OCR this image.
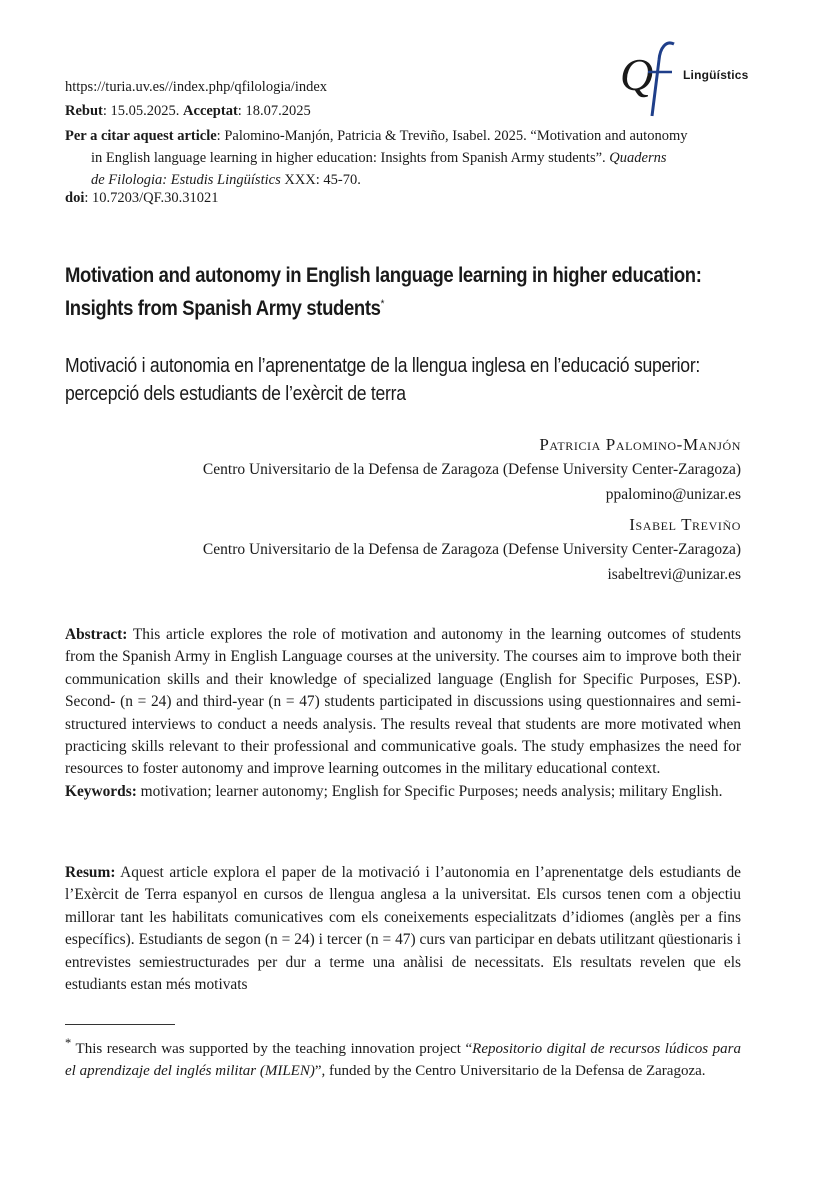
Q Lingüístics
https://turia.uv.es//index.php/qfilologia/index
Rebut: 15.05.2025. Acceptat: 18.07.2025
Per a citar aquest article: Palomino-Manjón, Patricia & Treviño, Isabel. 2025. “Motivation and autonomy
in English language learning in higher education: Insights from Spanish Army students”. Quaderns
de Filologia: Estudis Lingüístics XXX: 45-70.
doi: 10.7203/QF.30.31021
Motivation and autonomy in English language learning in higher education:
Insights from Spanish Army students*
Motivació i autonomia en l’aprenentatge de la llengua inglesa en l’educació superior:
percepció dels estudiants de l’exèrcit de terra
Patricia Palomino-Manjón
Centro Universitario de la Defensa de Zaragoza (Defense University Center-Zaragoza)
ppalomino@unizar.es
Isabel Treviño
Centro Universitario de la Defensa de Zaragoza (Defense University Center-Zaragoza)
isabeltrevi@unizar.es
Abstract: This article explores the role of motivation and autonomy in the learning outcomes of students from the Spanish Army in English Language courses at the university. The courses aim to improve both their communication skills and their knowledge of specialized language (English for Specific Purposes, ESP). Second- (n = 24) and third-year (n = 47) students participated in discussions using questionnaires and semi-structured interviews to conduct a needs analysis. The results reveal that students are more motivated when practicing skills relevant to their professional and communicative goals. The study emphasizes the need for resources to foster autonomy and improve learning outcomes in the military educational context.
Keywords: motivation; learner autonomy; English for Specific Purposes; needs analysis; military English.
Resum: Aquest article explora el paper de la motivació i l’autonomia en l’aprenentatge dels estudiants de l’Exèrcit de Terra espanyol en cursos de llengua anglesa a la universitat. Els cursos tenen com a objectiu millorar tant les habilitats comunicatives com els coneixements especialitzats d’idiomes (anglès per a fins específics). Estudiants de segon (n = 24) i tercer (n = 47) curs van participar en debats utilitzant qüestionaris i entrevistes semiestructurades per dur a terme una anàlisi de necessitats. Els resultats revelen que els estudiants estan més motivats
* This research was supported by the teaching innovation project “Repositorio digital de recursos lúdicos para el aprendizaje del inglés militar (MILEN)”, funded by the Centro Universitario de la Defensa de Zaragoza.
